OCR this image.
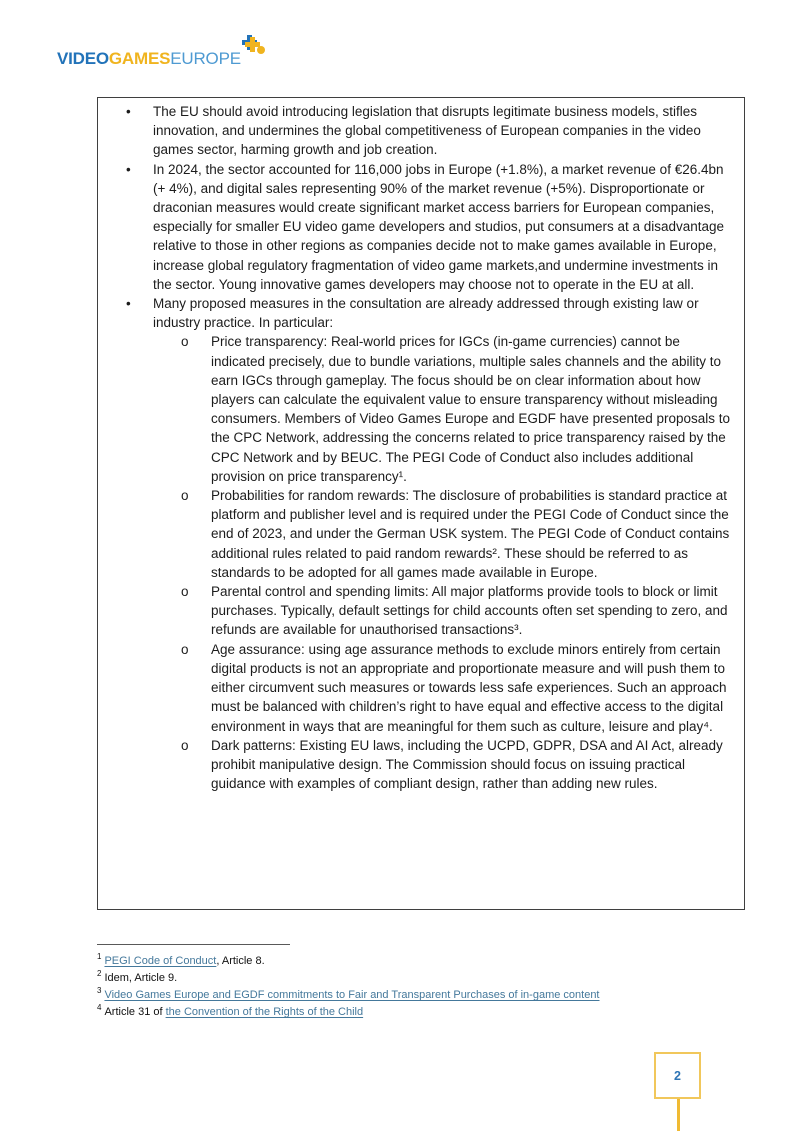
VIDEO GAMES EUROPE
•	The EU should avoid introducing legislation that disrupts legitimate business models, stifles innovation, and undermines the global competitiveness of European companies in the video games sector, harming growth and job creation.
•	In 2024, the sector accounted for 116,000 jobs in Europe (+1.8%), a market revenue of €26.4bn (+ 4%), and digital sales representing 90% of the market revenue (+5%). Disproportionate or draconian measures would create significant market access barriers for European companies, especially for smaller EU video game developers and studios, put consumers at a disadvantage relative to those in other regions as companies decide not to make games available in Europe, increase global regulatory fragmentation of video game markets,and undermine investments in the sector. Young innovative games developers may choose not to operate in the EU at all.
•	Many proposed measures in the consultation are already addressed through existing law or industry practice. In particular:
o	Price transparency: Real-world prices for IGCs (in-game currencies) cannot be indicated precisely, due to bundle variations, multiple sales channels and the ability to earn IGCs through gameplay. The focus should be on clear information about how players can calculate the equivalent value to ensure transparency without misleading consumers. Members of Video Games Europe and EGDF have presented proposals to the CPC Network, addressing the concerns related to price transparency raised by the CPC Network and by BEUC. The PEGI Code of Conduct also includes additional provision on price transparency¹.
o	Probabilities for random rewards: The disclosure of probabilities is standard practice at platform and publisher level and is required under the PEGI Code of Conduct since the end of 2023, and under the German USK system. The PEGI Code of Conduct contains additional rules related to paid random rewards². These should be referred to as standards to be adopted for all games made available in Europe.
o	Parental control and spending limits: All major platforms provide tools to block or limit purchases. Typically, default settings for child accounts often set spending to zero, and refunds are available for unauthorised transactions³.
o	Age assurance: using age assurance methods to exclude minors entirely from certain digital products is not an appropriate and proportionate measure and will push them to either circumvent such measures or towards less safe experiences. Such an approach must be balanced with children’s right to have equal and effective access to the digital environment in ways that are meaningful for them such as culture, leisure and play⁴.
o	Dark patterns: Existing EU laws, including the UCPD, GDPR, DSA and AI Act, already prohibit manipulative design. The Commission should focus on issuing practical guidance with examples of compliant design, rather than adding new rules.
$^1$ PEGI Code of Conduct, Article 8.
$^2$ Idem, Article 9.
$^3$ Video Games Europe and EGDF commitments to Fair and Transparent Purchases of in-game content
$^4$ Article 31 of the Convention of the Rights of the Child
2
